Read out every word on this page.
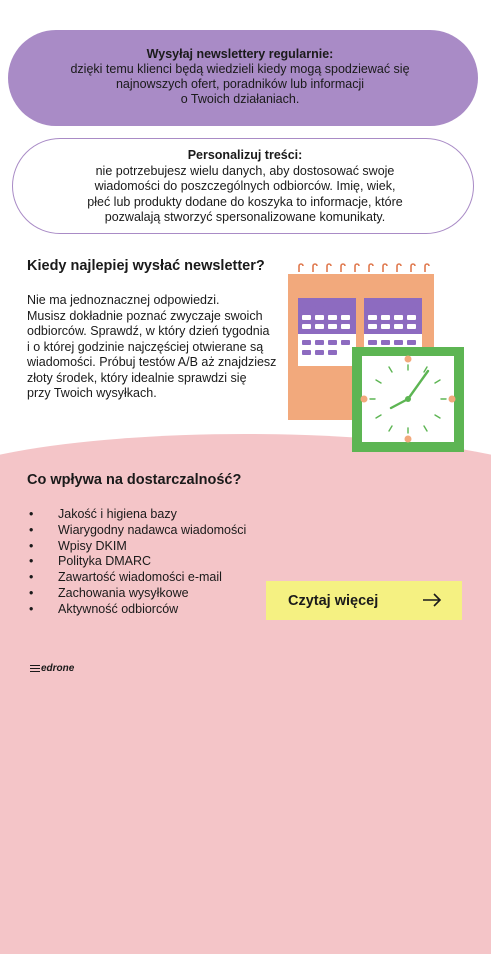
Wysyłaj newslettery regularnie:
dzięki temu klienci będą wiedzieli kiedy mogą spodziewać się
najnowszych ofert, poradników lub informacji
o Twoich działaniach.
Personalizuj treści:
nie potrzebujesz wielu danych, aby dostosować swoje
wiadomości do poszczególnych odbiorców. Imię, wiek,
płeć lub produkty dodane do koszyka to informacje, które
pozwalają stworzyć spersonalizowane komunikaty.
Kiedy najlepiej wysłać newsletter?
Nie ma jednoznacznej odpowiedzi.
Musisz dokładnie poznać zwyczaje swoich
odbiorców. Sprawdź, w który dzień tygodnia
i o której godzinie najczęściej otwierane są
wiadomości. Próbuj testów A/B aż znajdziesz
złoty środek, który idealnie sprawdzi się
przy Twoich wysyłkach.
Co wpływa na dostarczalność?
• Jakość i higiena bazy
• Wiarygodny nadawca wiadomości
• Wpisy DKIM
• Polityka DMARC
• Zawartość wiadomości e-mail
• Zachowania wysyłkowe
• Aktywność odbiorców
Czytaj więcej
edrone
